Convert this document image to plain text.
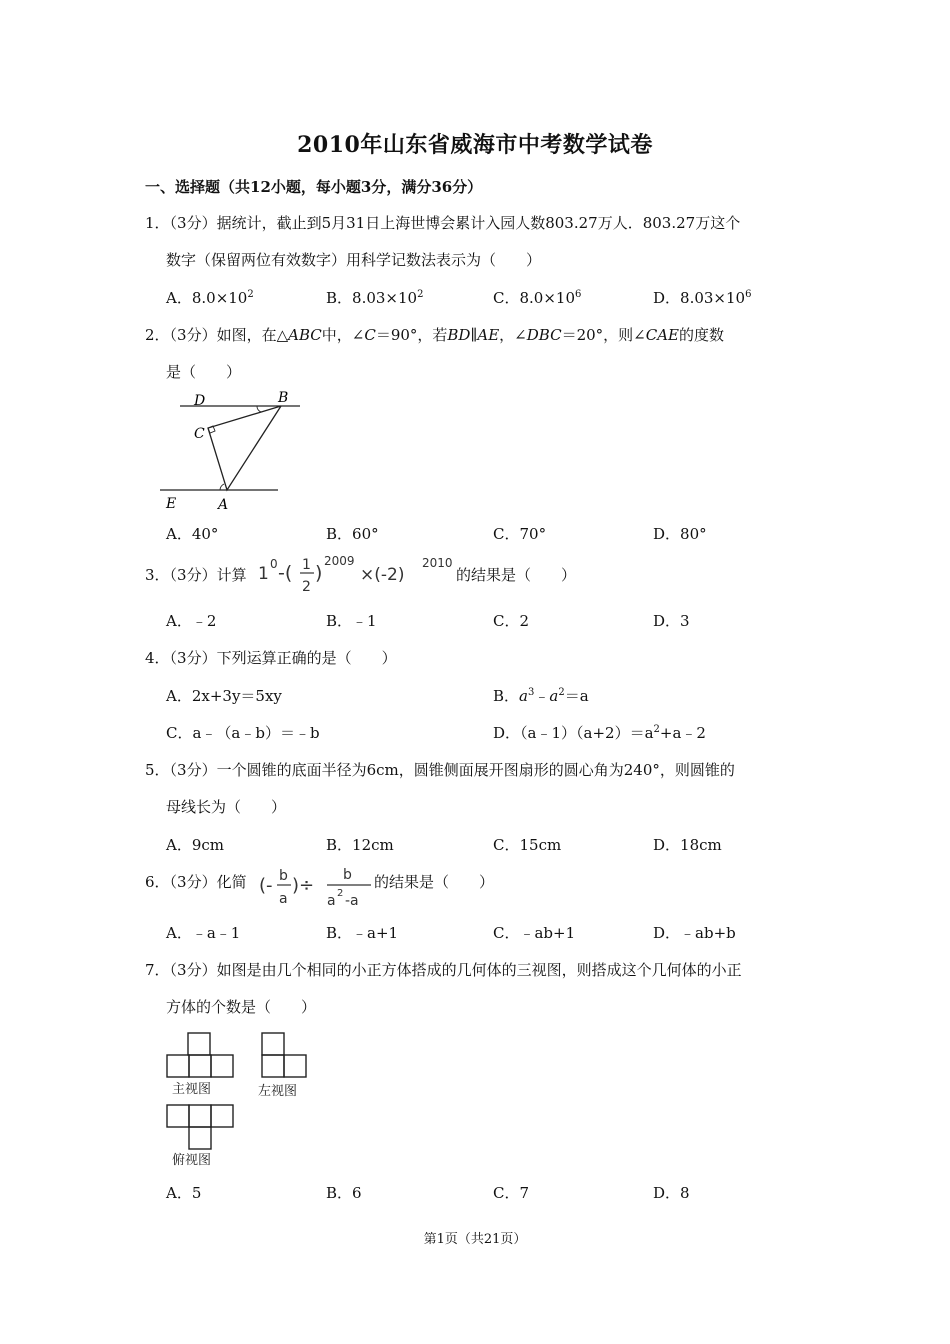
2010年山东省威海市中考数学试卷
一、选择题（共12小题，每小题3分，满分36分）
1．（3分）据统计，截止到5月31日上海世博会累计入园人数803.27万人．803.27万这个
数字（保留两位有效数字）用科学记数法表示为（　　）
A．$8.0\times 10^2$	B．$8.03\times 10^2$	C．$8.0\times 10^6$	D．$8.03\times 10^6$
2．（3分）如图，在△ABC中，∠C＝90°，若BD∥AE，∠DBC＝20°，则∠CAE的度数
是（　　）
D	B
C
E	A
A．40°	B．60°	C．70°	D．80°
3．（3分）计算 1 0 -( 1
2
)
2009
×(-2)
2010
的结果是（　　）
A．﹣2	B．﹣1	C．2	D．3
4．（3分）下列运算正确的是（　　）
A．2x+3y＝5xy	B．$a^3﹣a^2=a$
C．a﹣（a﹣b）＝﹣b	D．$(a﹣1)(a+2)=a^2+a﹣2$
5．（3分）一个圆锥的底面半径为6cm，圆锥侧面展开图扇形的圆心角为240°，则圆锥的
母线长为（　　）
A．9cm	B．12cm	C．15cm	D．18cm
6．（3分）化简 (- b
a
)÷ b
a 2 -a
的结果是（　　）
A．﹣a﹣1	B．﹣a+1	C．﹣ab+1	D．﹣ab+b
7．（3分）如图是由几个相同的小正方体搭成的几何体的三视图，则搭成这个几何体的小正
方体的个数是（　　）
主视图	左视图
俯视图
A．5	B．6	C．7	D．8
第1页（共21页）
